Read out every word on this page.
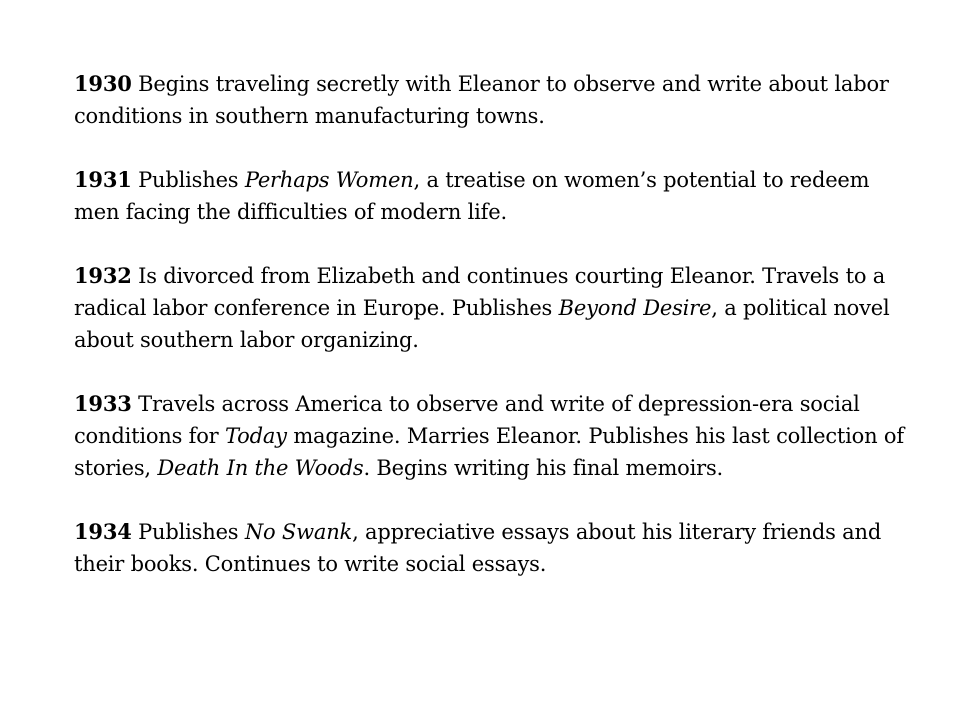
1930 Begins traveling secretly with Eleanor to observe and write about labor conditions in southern manufacturing towns.

1931 Publishes Perhaps Women, a treatise on women’s potential to redeem men facing the difficulties of modern life.

1932 Is divorced from Elizabeth and continues courting Eleanor. Travels to a radical labor conference in Europe. Publishes Beyond Desire, a political novel about southern labor organizing.

1933 Travels across America to observe and write of depression-era social conditions for Today magazine. Marries Eleanor. Publishes his last collection of stories, Death In the Woods. Begins writing his final memoirs.

1934 Publishes No Swank, appreciative essays about his literary friends and their books. Continues to write social essays.
